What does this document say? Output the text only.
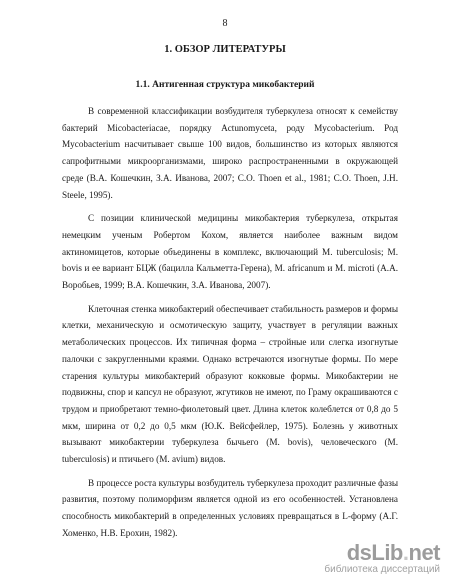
8
1. ОБЗОР ЛИТЕРАТУРЫ
1.1. Антигенная структура микобактерий

В современной классификации возбудителя туберкулеза относят к семейству бактерий Micobacteriaсae, порядку Actunomyceta, роду Mycobacterium. Род Mycobacterium насчитывает свыше 100 видов, большинство из которых являются сапрофитными микроорганизмами, широко распространенными в окружающей среде (В.А. Кошечкин, З.А. Иванова, 2007; C.O. Thoen et al., 1981; C.O. Thoen, J.H. Steele, 1995).

С позиции клинической медицины микобактерия туберкулеза, открытая немецким ученым Робертом Кохом, является наиболее важным видом актиномицетов, которые объединены в комплекс, включающий M. tuberculosis; M. bovis и ее вариант БЦЖ (бацилла Кальметта-Герена), M. africanum и M. microti (А.А. Воробьев, 1999; В.А. Кошечкин, З.А. Иванова, 2007).

Клеточная стенка микобактерий обеспечивает стабильность размеров и формы клетки, механическую и осмотическую защиту, участвует в регуляции важных метаболических процессов. Их типичная форма – стройные или слегка изогнутые палочки с закругленными краями. Однако встречаются изогнутые формы. По мере старения культуры микобактерий образуют кокковые формы. Микобактерии не подвижны, спор и капсул не образуют, жгутиков не имеют, по Граму окрашиваются с трудом и приобретают темно-фиолетовый цвет. Длина клеток колеблется от 0,8 до 5 мкм, ширина от 0,2 до 0,5 мкм (Ю.К. Вейсфейлер, 1975). Болезнь у животных вызывают микобактерии туберкулеза бычьего (M. bovis), человеческого (M. tuberculosis) и птичьего (M. avium) видов.

В процессе роста культуры возбудитель туберкулеза проходит различные фазы развития, поэтому полиморфизм является одной из его особенностей. Установлена способность микобактерий в определенных условиях превращаться в L-форму (А.Г. Хоменко, Н.В. Ерохин, 1982).

dsLib.net
библиотека диссертаций
